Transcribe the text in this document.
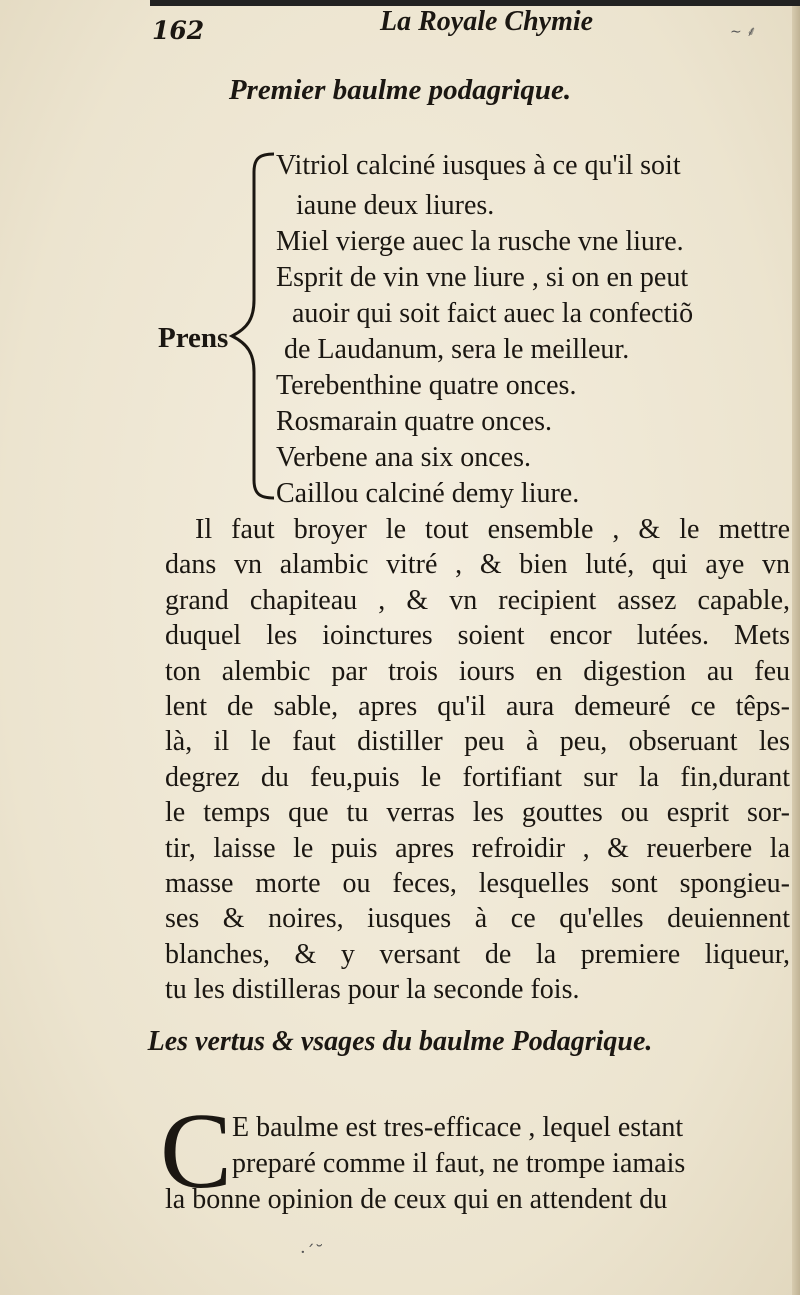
162	La Royale Chymie	∼ ⸙
Premier baulme podagrique.
Prens
Vitriol calciné iusques à ce qu'il soit
iaune deux liures.
Miel vierge auec la rusche vne liure.
Esprit de vin vne liure , si on en peut
auoir qui soit faict auec la confectiõ
de Laudanum, sera le meilleur.
Terebenthine quatre onces.
Rosmarain quatre onces.
Verbene ana six onces.
Caillou calciné demy liure.
Il faut broyer le tout ensemble , & le mettre
dans vn alambic vitré , & bien luté, qui aye vn
grand chapiteau , & vn recipient assez capable,
duquel les ioinctures soient encor lutées. Mets
ton alembic par trois iours en digestion au feu
lent de sable, apres qu'il aura demeuré ce têps-
là, il le faut distiller peu à peu, obseruant les
degrez du feu,puis le fortifiant sur la fin,durant
le temps que tu verras les gouttes ou esprit sor-
tir, laisse le puis apres refroidir , & reuerbere la
masse morte ou feces, lesquelles sont spongieu-
ses & noires, iusques à ce qu'elles deuiennent
blanches, & y versant de la premiere liqueur,
tu les distilleras pour la seconde fois.
Les vertus & vsages du baulme Podagrique.
C E baulme est tres-efficace , lequel estant
preparé comme il faut, ne trompe iamais
la bonne opinion de ceux qui en attendent du
·ˊ˘
